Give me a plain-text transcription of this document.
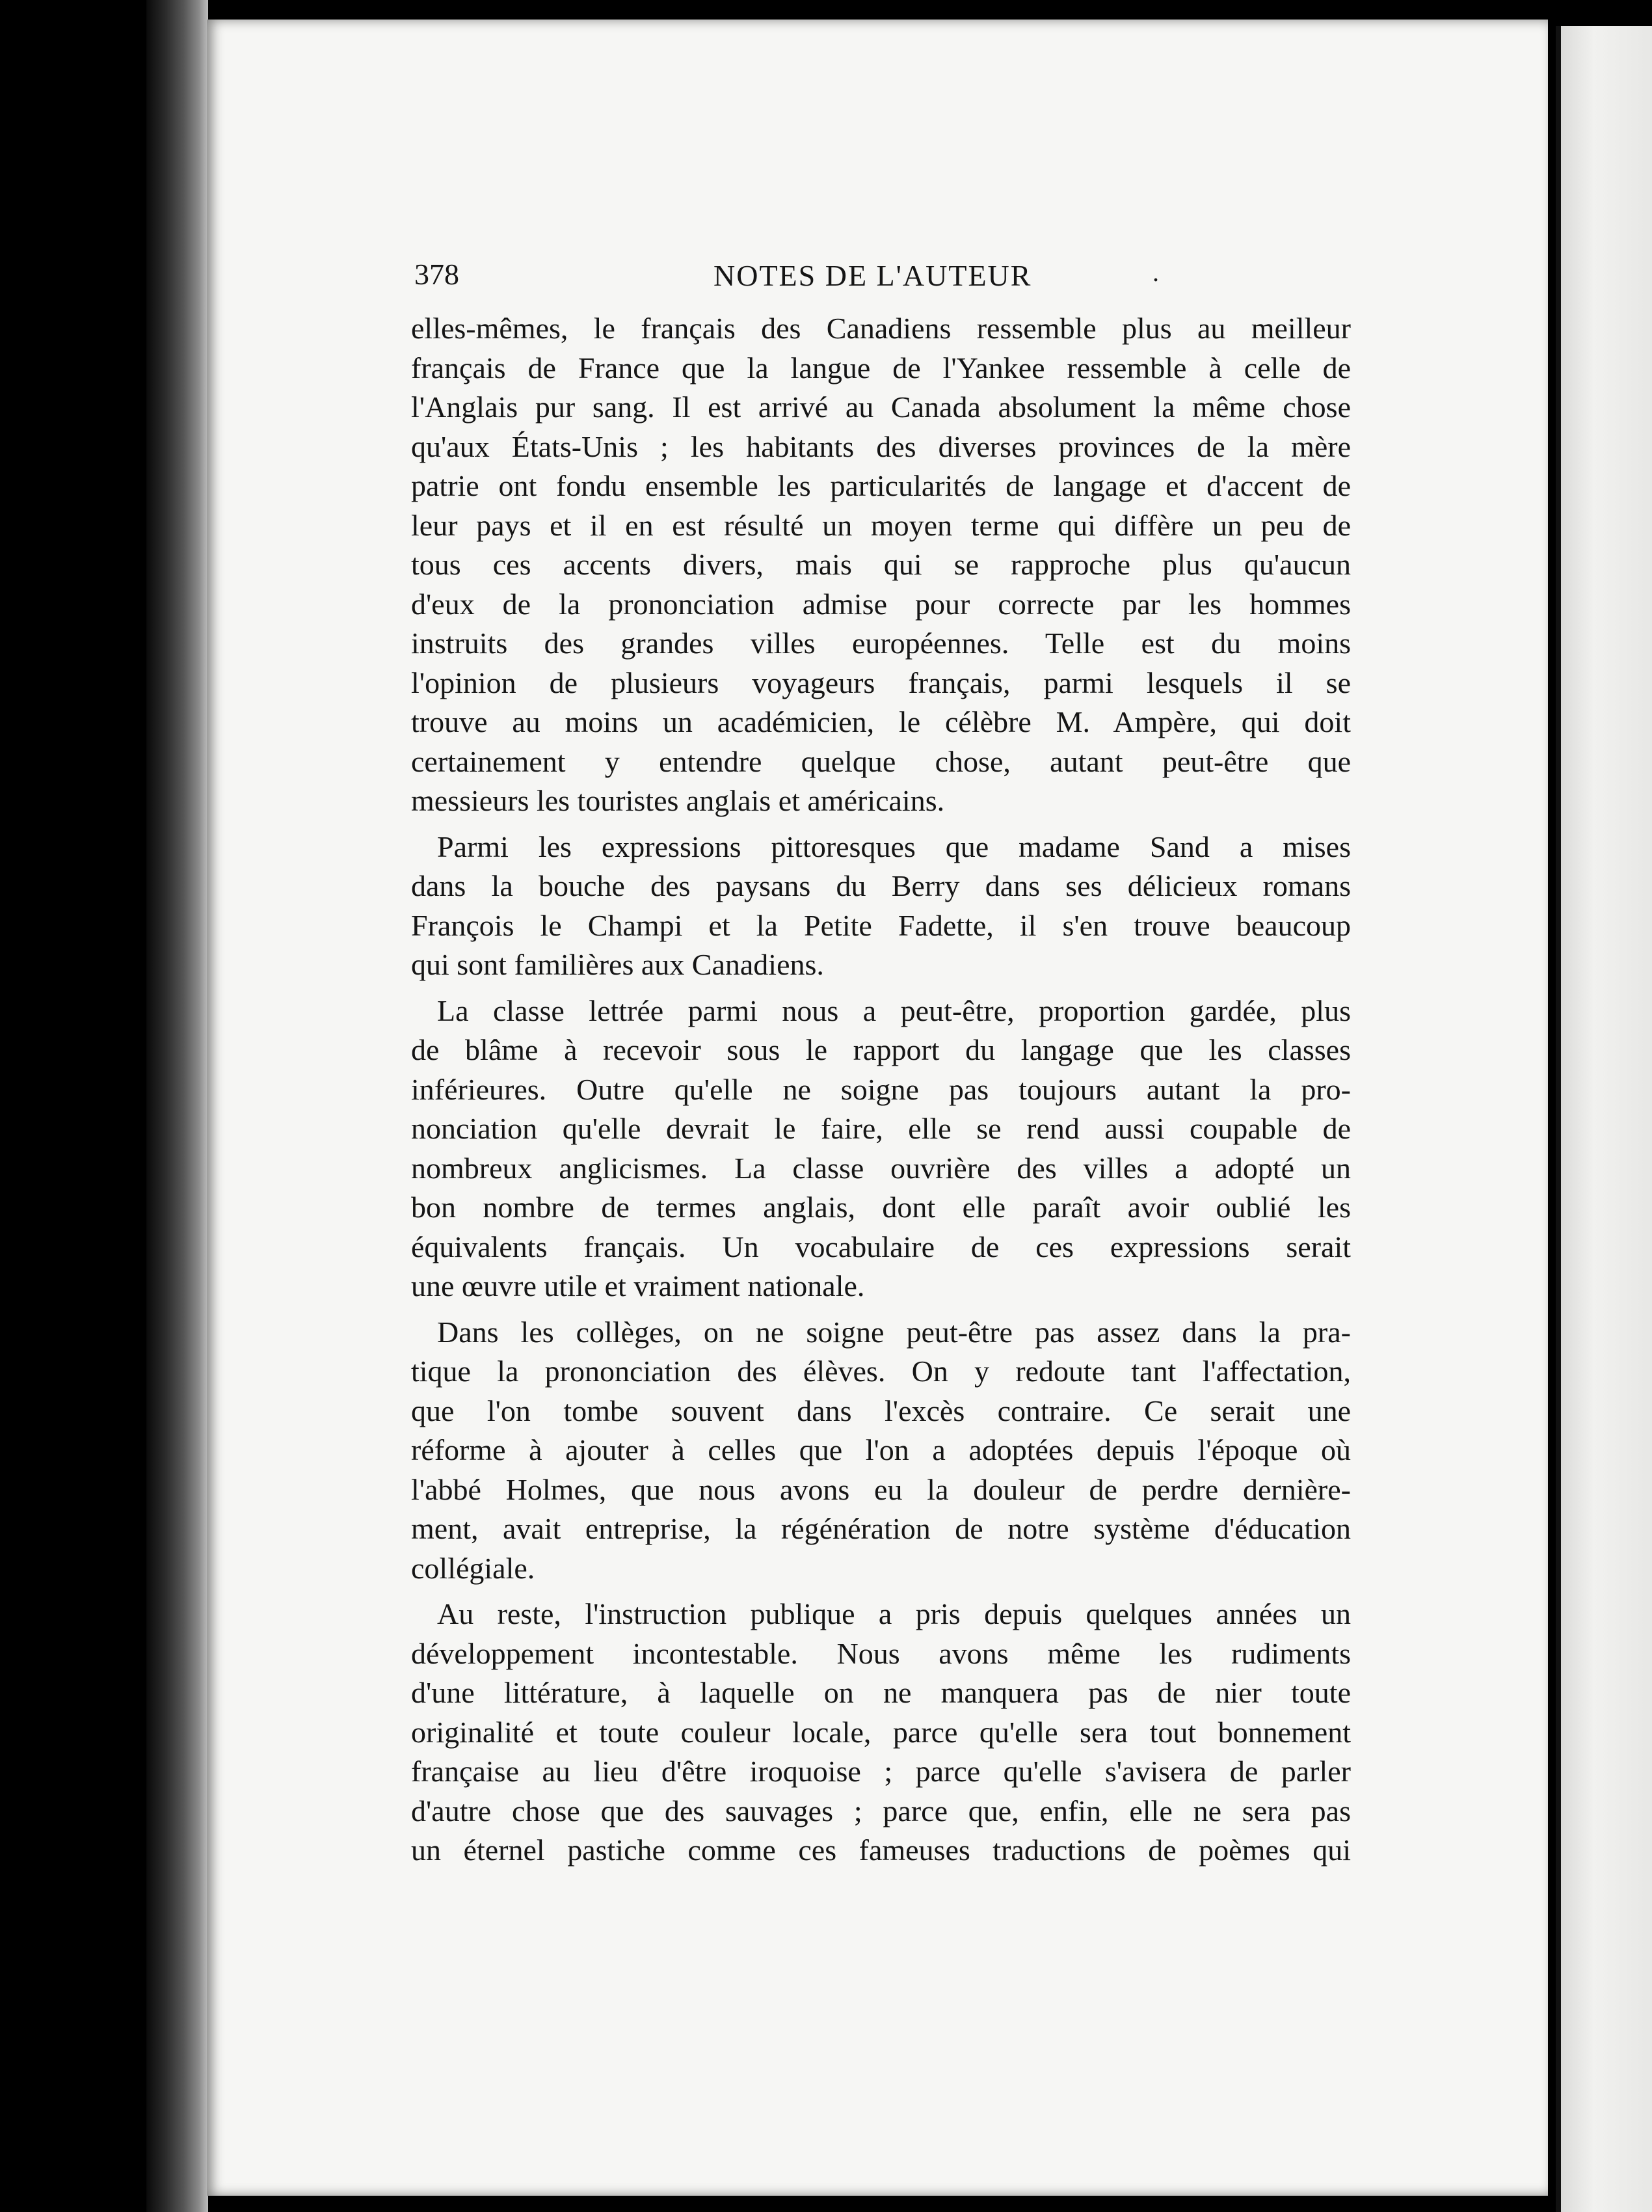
378	NOTES DE L'AUTEUR	.
elles-mêmes, le français des Canadiens ressemble plus au meilleur
français de France que la langue de l'Yankee ressemble à celle de
l'Anglais pur sang. Il est arrivé au Canada absolument la même chose
qu'aux États-Unis ; les habitants des diverses provinces de la mère
patrie ont fondu ensemble les particularités de langage et d'accent de
leur pays et il en est résulté un moyen terme qui diffère un peu de
tous ces accents divers, mais qui se rapproche plus qu'aucun
d'eux de la prononciation admise pour correcte par les hommes
instruits des grandes villes européennes. Telle est du moins
l'opinion de plusieurs voyageurs français, parmi lesquels il se
trouve au moins un académicien, le célèbre M. Ampère, qui doit
certainement y entendre quelque chose, autant peut-être que
messieurs les touristes anglais et américains.
Parmi les expressions pittoresques que madame Sand a mises
dans la bouche des paysans du Berry dans ses délicieux romans
François le Champi et la Petite Fadette, il s'en trouve beaucoup
qui sont familières aux Canadiens.
La classe lettrée parmi nous a peut-être, proportion gardée, plus
de blâme à recevoir sous le rapport du langage que les classes
inférieures. Outre qu'elle ne soigne pas toujours autant la pro-
nonciation qu'elle devrait le faire, elle se rend aussi coupable de
nombreux anglicismes. La classe ouvrière des villes a adopté un
bon nombre de termes anglais, dont elle paraît avoir oublié les
équivalents français. Un vocabulaire de ces expressions serait
une œuvre utile et vraiment nationale.
Dans les collèges, on ne soigne peut-être pas assez dans la pra-
tique la prononciation des élèves. On y redoute tant l'affectation,
que l'on tombe souvent dans l'excès contraire. Ce serait une
réforme à ajouter à celles que l'on a adoptées depuis l'époque où
l'abbé Holmes, que nous avons eu la douleur de perdre dernière-
ment, avait entreprise, la régénération de notre système d'éducation
collégiale.
Au reste, l'instruction publique a pris depuis quelques années un
développement incontestable. Nous avons même les rudiments
d'une littérature, à laquelle on ne manquera pas de nier toute
originalité et toute couleur locale, parce qu'elle sera tout bonnement
française au lieu d'être iroquoise ; parce qu'elle s'avisera de parler
d'autre chose que des sauvages ; parce que, enfin, elle ne sera pas
un éternel pastiche comme ces fameuses traductions de poèmes qui
